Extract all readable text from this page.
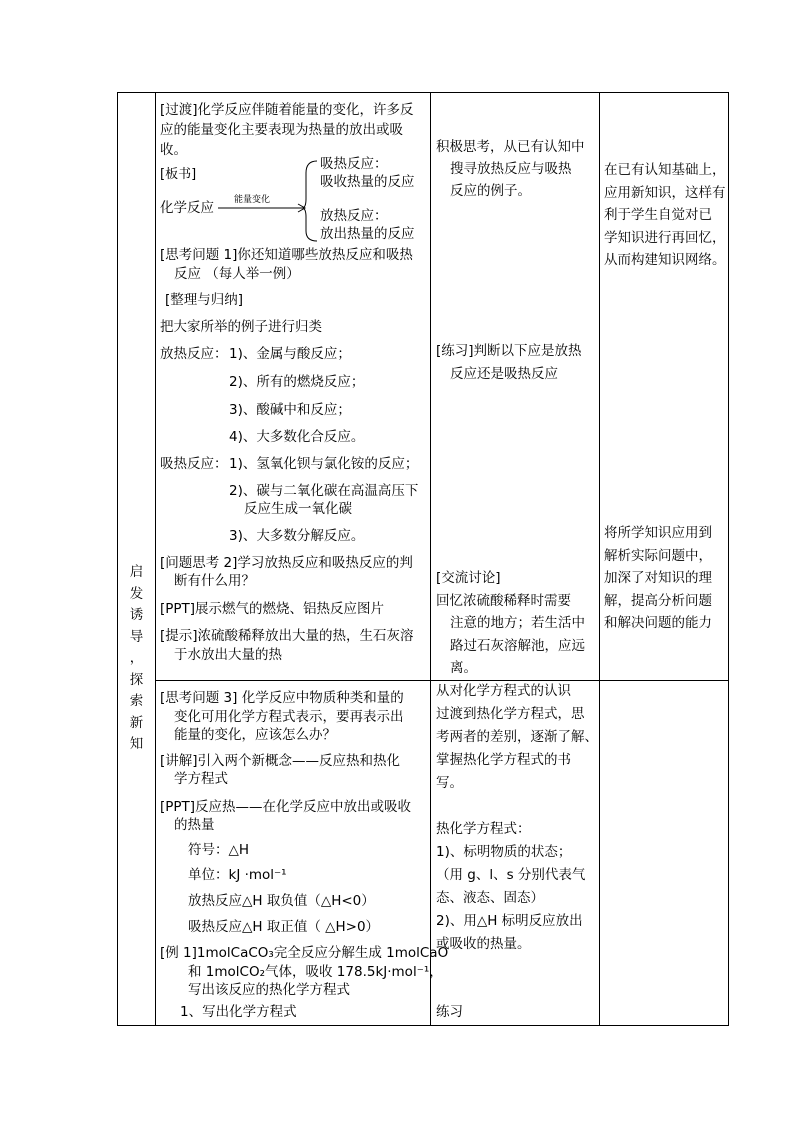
启
发
诱
导
，
探
索
新
知
[过渡]化学反应伴随着能量的变化，许多反
应的能量变化主要表现为热量的放出或吸
收。
[板书]
吸热反应：
吸收热量的反应
化学反应 能量变化
放热反应：
放出热量的反应
[思考问题 1]你还知道哪些放热反应和吸热
反应 （每人举一例）
[整理与归纳]
把大家所举的例子进行归类
放热反应： 1)、金属与酸反应；
2)、所有的燃烧反应；
3)、酸碱中和反应；
4)、大多数化合反应。
吸热反应： 1)、氢氧化钡与氯化铵的反应；
2)、碳与二氧化碳在高温高压下
反应生成一氧化碳
3)、大多数分解反应。
[问题思考 2]学习放热反应和吸热反应的判
断有什么用？
[PPT]展示燃气的燃烧、铝热反应图片
[提示]浓硫酸稀释放出大量的热，生石灰溶
于水放出大量的热
积极思考，从已有认知中
搜寻放热反应与吸热
反应的例子。
[练习]判断以下应是放热
反应还是吸热反应
[交流讨论]
回忆浓硫酸稀释时需要
注意的地方；若生活中
路过石灰溶解池，应远
离。
在已有认知基础上，
应用新知识，这样有
利于学生自觉对已
学知识进行再回忆，
从而构建知识网络。
将所学知识应用到
解析实际问题中，
加深了对知识的理
解，提高分析问题
和解决问题的能力
[思考问题 3] 化学反应中物质种类和量的
变化可用化学方程式表示，要再表示出
能量的变化，应该怎么办？
[讲解]引入两个新概念——反应热和热化
学方程式
[PPT]反应热——在化学反应中放出或吸收
的热量
符号：△H
单位：kJ ·mol⁻¹
放热反应△H 取负值（△H<0）
吸热反应△H 取正值（ △H>0）
[例 1]1molCaCO₃完全反应分解生成 1molCaO
和 1molCO₂气体，吸收 178.5kJ·mol⁻¹，
写出该反应的热化学方程式
1、写出化学方程式
从对化学方程式的认识
过渡到热化学方程式，思
考两者的差别，逐渐了解、
掌握热化学方程式的书
写。
热化学方程式：
1)、标明物质的状态；
（用 g、l、s 分别代表气
态、液态、固态）
2)、用△H 标明反应放出
或吸收的热量。
练习
